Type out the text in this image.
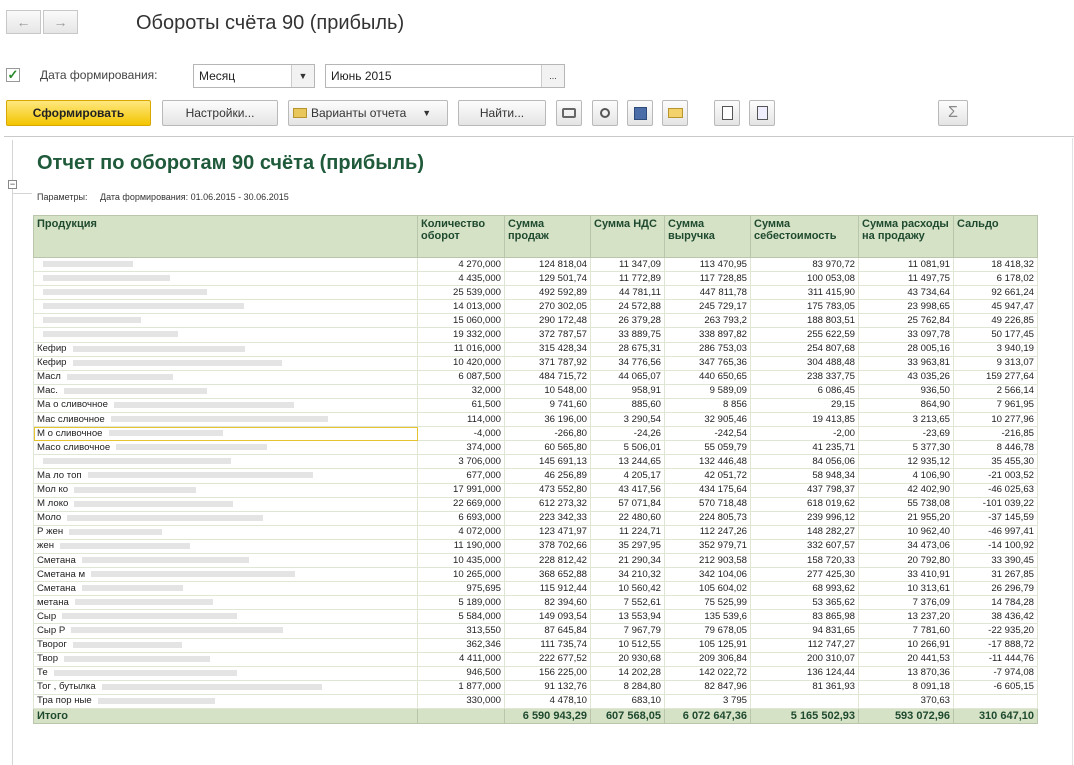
← →	Обороты счёта 90 (прибыль)
✓ Дата формирования:	Месяц	▼	Июнь 2015	...
Сформировать	Настройки...	Варианты отчета ▼	Найти...	Σ
−
Отчет по оборотам 90 счёта (прибыль)
Параметры: Дата формирования: 01.06.2015 - 30.06.2015
Продукция	Количество оборот	Сумма продаж	Сумма НДС	Сумма выручка	Сумма себестоимость	Сумма расходы на продажу	Сальдо
	4 270,000	124 818,04	11 347,09	113 470,95	83 970,72	11 081,91	18 418,32
	4 435,000	129 501,74	11 772,89	117 728,85	100 053,08	11 497,75	6 178,02
	25 539,000	492 592,89	44 781,11	447 811,78	311 415,90	43 734,64	92 661,24
	14 013,000	270 302,05	24 572,88	245 729,17	175 783,05	23 998,65	45 947,47
	15 060,000	290 172,48	26 379,28	263 793,2	188 803,51	25 762,84	49 226,85
	19 332,000	372 787,57	33 889,75	338 897,82	255 622,59	33 097,78	50 177,45
Кефир	11 016,000	315 428,34	28 675,31	286 753,03	254 807,68	28 005,16	3 940,19
Кефир	10 420,000	371 787,92	34 776,56	347 765,36	304 488,48	33 963,81	9 313,07
Масл	6 087,500	484 715,72	44 065,07	440 650,65	238 337,75	43 035,26	159 277,64
Мас.	32,000	10 548,00	958,91	9 589,09	6 086,45	936,50	2 566,14
Ма о сливочное	61,500	9 741,60	885,60	8 856	29,15	864,90	7 961,95
Мас сливочное	114,000	36 196,00	3 290,54	32 905,46	19 413,85	3 213,65	10 277,96
М о сливочное	-4,000	-266,80	-24,26	-242,54	-2,00	-23,69	-216,85
Масо сливочное	374,000	60 565,80	5 506,01	55 059,79	41 235,71	5 377,30	8 446,78
	3 706,000	145 691,13	13 244,65	132 446,48	84 056,06	12 935,12	35 455,30
Ма ло топ	677,000	46 256,89	4 205,17	42 051,72	58 948,34	4 106,90	-21 003,52
Мол ко	17 991,000	473 552,80	43 417,56	434 175,64	437 798,37	42 402,90	-46 025,63
М локо	22 669,000	612 273,32	57 071,84	570 718,48	618 019,62	55 738,08	-101 039,22
Моло	6 693,000	223 342,33	22 480,60	224 805,73	239 996,12	21 955,20	-37 145,59
Р жен	4 072,000	123 471,97	11 224,71	112 247,26	148 282,27	10 962,40	-46 997,41
жен	11 190,000	378 702,66	35 297,95	352 979,71	332 607,57	34 473,06	-14 100,92
Сметана	10 435,000	228 812,42	21 290,34	212 903,58	158 720,33	20 792,80	33 390,45
Сметана м	10 265,000	368 652,88	34 210,32	342 104,06	277 425,30	33 410,91	31 267,85
Сметана	975,695	115 912,44	10 560,42	105 604,02	68 993,62	10 313,61	26 296,79
метана	5 189,000	82 394,60	7 552,61	75 525,99	53 365,62	7 376,09	14 784,28
Сыр	5 584,000	149 093,54	13 553,94	135 539,6	83 865,98	13 237,20	38 436,42
Сыр Р	313,550	87 645,84	7 967,79	79 678,05	94 831,65	7 781,60	-22 935,20
Творог	362,346	111 735,74	10 512,55	105 125,91	112 747,27	10 266,91	-17 888,72
Твор	4 411,000	222 677,52	20 930,68	209 306,84	200 310,07	20 441,53	-11 444,76
Те	946,500	156 225,00	14 202,28	142 022,72	136 124,44	13 870,36	-7 974,08
Тог , бутылка	1 877,000	91 132,76	8 284,80	82 847,96	81 361,93	8 091,18	-6 605,15
Тра пор ные	330,000	4 478,10	683,10	3 795		370,63	
Итого		6 590 943,29	607 568,05	6 072 647,36	5 165 502,93	593 072,96	310 647,10
